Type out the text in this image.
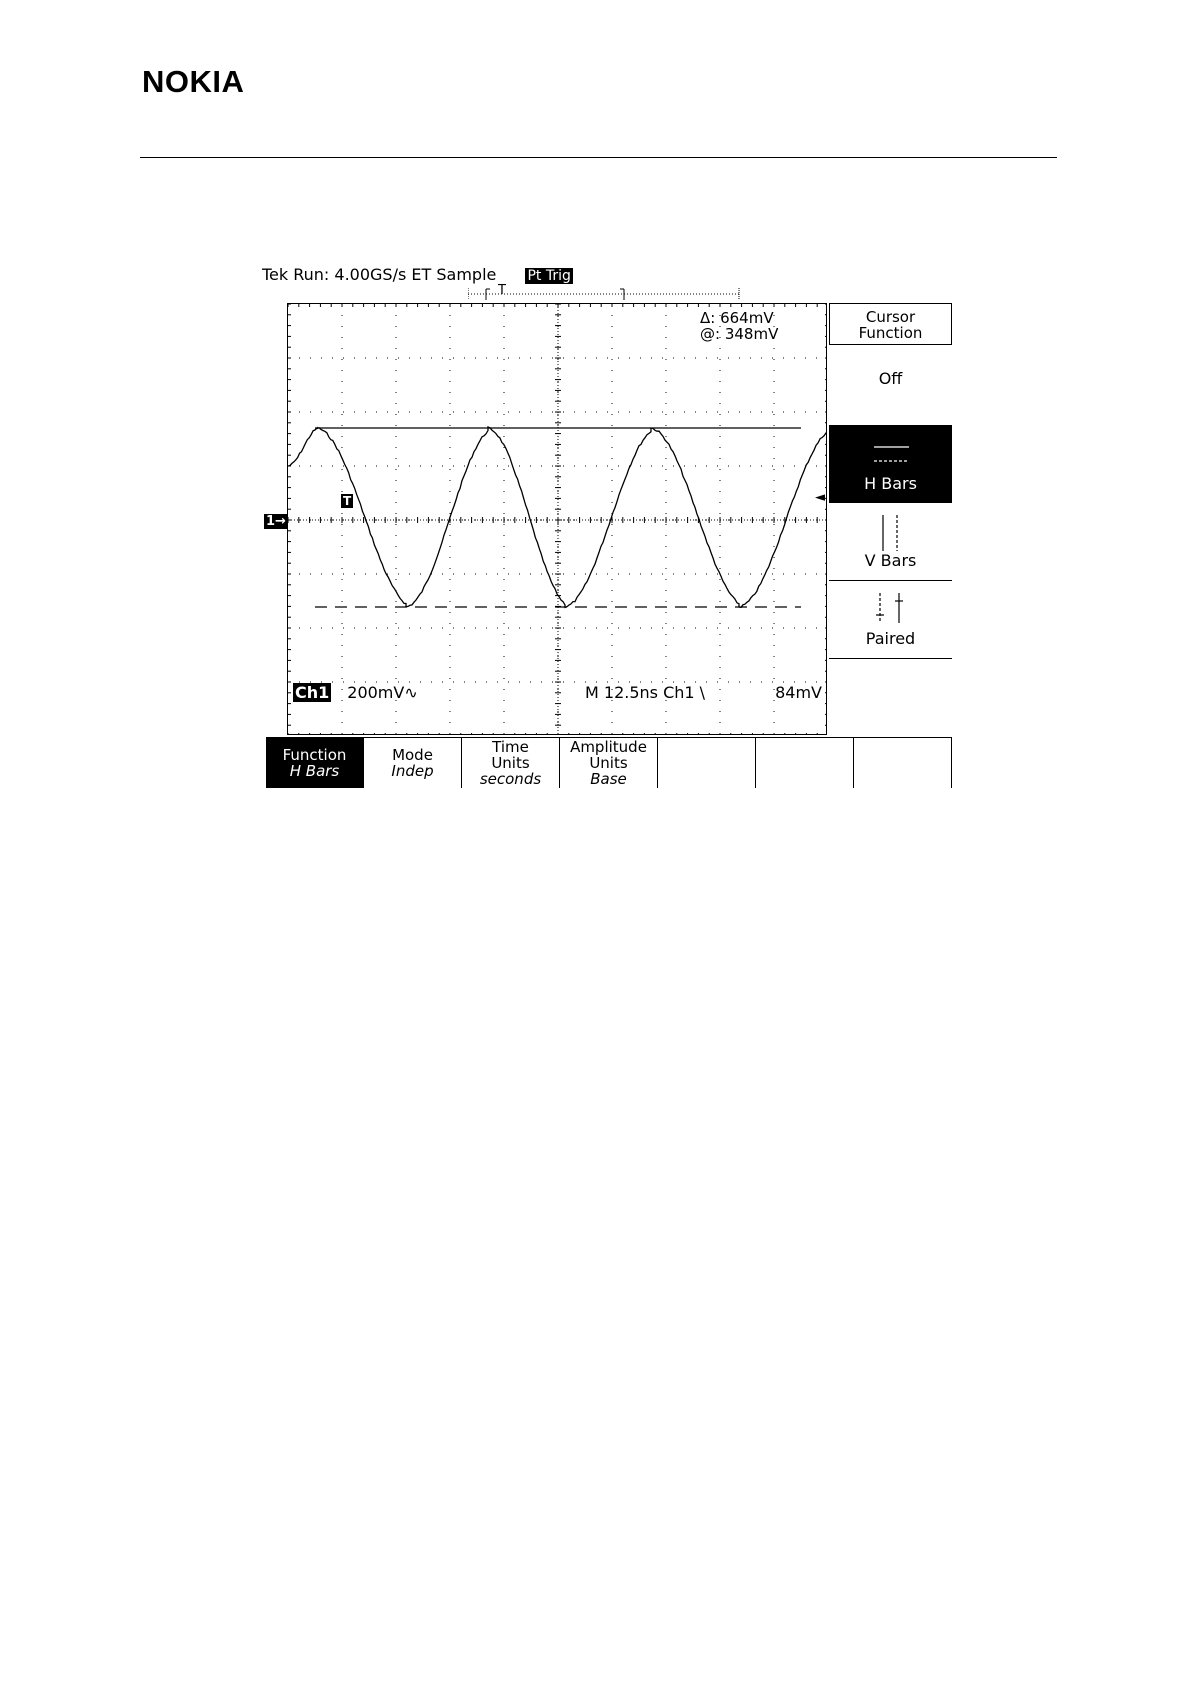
NOKIA
Tek Run: 4.00GS/s ET Sample Pt Trig
T
Δ: 664mV
@: 348mV
Ch1 200mV∿	M 12.5ns Ch1 \	84mV
1→
T	◄
Cursor
Function
Off
H Bars
V Bars
Paired
Function
H Bars
Mode
Indep
Time
Units
seconds
Amplitude
Units
Base
